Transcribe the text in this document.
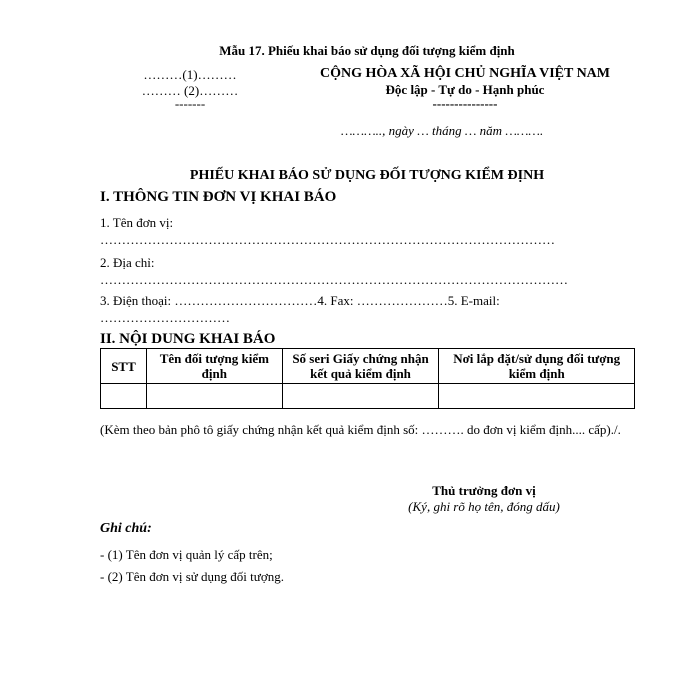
Mẫu 17. Phiếu khai báo sử dụng đối tượng kiểm định
………(1)………
……… (2)………
-------
CỘNG HÒA XÃ HỘI CHỦ NGHĨA VIỆT NAM
Độc lập - Tự do - Hạnh phúc
---------------
……….., ngày … tháng … năm ……….
PHIẾU KHAI BÁO SỬ DỤNG ĐỐI TƯỢNG KIỂM ĐỊNH
I. THÔNG TIN ĐƠN VỊ KHAI BÁO
1. Tên đơn vị:
……………………………………………………………………………………………
2. Địa chỉ:
………………………………………………………………………………………………
3. Điện thoại: ……………………………4. Fax: …………………5. E-mail:
…………………………
II. NỘI DUNG KHAI BÁO
STT	Tên đối tượng kiểm định	Số seri Giấy chứng nhận kết quả kiểm định	Nơi lắp đặt/sử dụng đối tượng kiểm định

(Kèm theo bản phô tô giấy chứng nhận kết quả kiểm định số: ………. do đơn vị kiểm định.... cấp)./.
Thủ trưởng đơn vị
(Ký, ghi rõ họ tên, đóng dấu)
Ghi chú:
- (1) Tên đơn vị quản lý cấp trên;
- (2) Tên đơn vị sử dụng đối tượng.
